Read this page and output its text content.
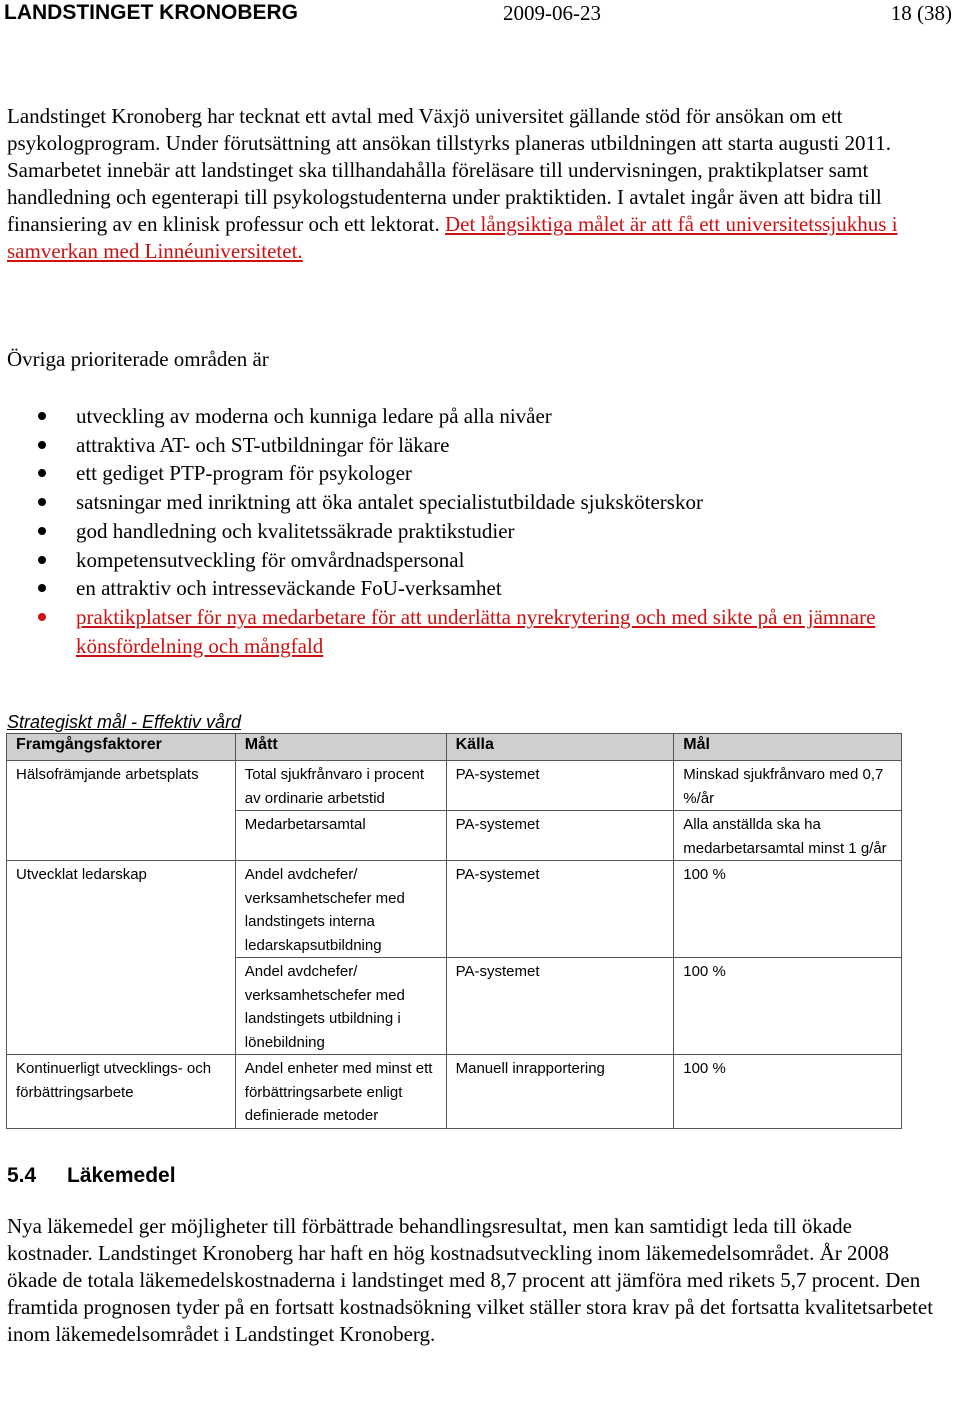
LANDSTINGET KRONOBERG	2009-06-23	18 (38)

Landstinget Kronoberg har tecknat ett avtal med Växjö universitet gällande stöd för ansökan om ett psykologprogram. Under förutsättning att ansökan tillstyrks planeras utbildningen att starta augusti 2011. Samarbetet innebär att landstinget ska tillhandahålla föreläsare till undervisningen, praktikplatser samt handledning och egenterapi till psykologstudenterna under praktiktiden. I avtalet ingår även att bidra till finansiering av en klinisk professur och ett lektorat. Det långsiktiga målet är att få ett universitetssjukhus i samverkan med Linnéuniversitetet.

Övriga prioriterade områden är

utveckling av moderna och kunniga ledare på alla nivåer
attraktiva AT- och ST-utbildningar för läkare
ett gediget PTP-program för psykologer
satsningar med inriktning att öka antalet specialistutbildade sjuksköterskor
god handledning och kvalitetssäkrade praktikstudier
kompetensutveckling för omvårdnadspersonal
en attraktiv och intresseväckande FoU-verksamhet
praktikplatser för nya medarbetare för att underlätta nyrekrytering och med sikte på en jämnare könsfördelning och mångfald

Strategiskt mål - Effektiv vård

Framgångsfaktorer	Mått	Källa	Mål
Hälsofrämjande arbetsplats	Total sjukfrånvaro i procent av ordinarie arbetstid	PA-systemet	Minskad sjukfrånvaro med 0,7 %/år
	Medarbetarsamtal	PA-systemet	Alla anställda ska ha medarbetarsamtal minst 1 g/år
Utvecklat ledarskap	Andel avdchefer/ verksamhetschefer med landstingets interna ledarskapsutbildning	PA-systemet	100 %
	Andel avdchefer/ verksamhetschefer med landstingets utbildning i lönebildning	PA-systemet	100 %
Kontinuerligt utvecklings- och förbättringsarbete	Andel enheter med minst ett förbättringsarbete enligt definierade metoder	Manuell inrapportering	100 %
5.4 Läkemedel

Nya läkemedel ger möjligheter till förbättrade behandlingsresultat, men kan samtidigt leda till ökade kostnader. Landstinget Kronoberg har haft en hög kostnadsutveckling inom läkemedelsområdet. År 2008 ökade de totala läkemedelskostnaderna i landstinget med 8,7 procent att jämföra med rikets 5,7 procent. Den framtida prognosen tyder på en fortsatt kostnadsökning vilket ställer stora krav på det fortsatta kvalitetsarbetet inom läkemedelsområdet i Landstinget Kronoberg.
